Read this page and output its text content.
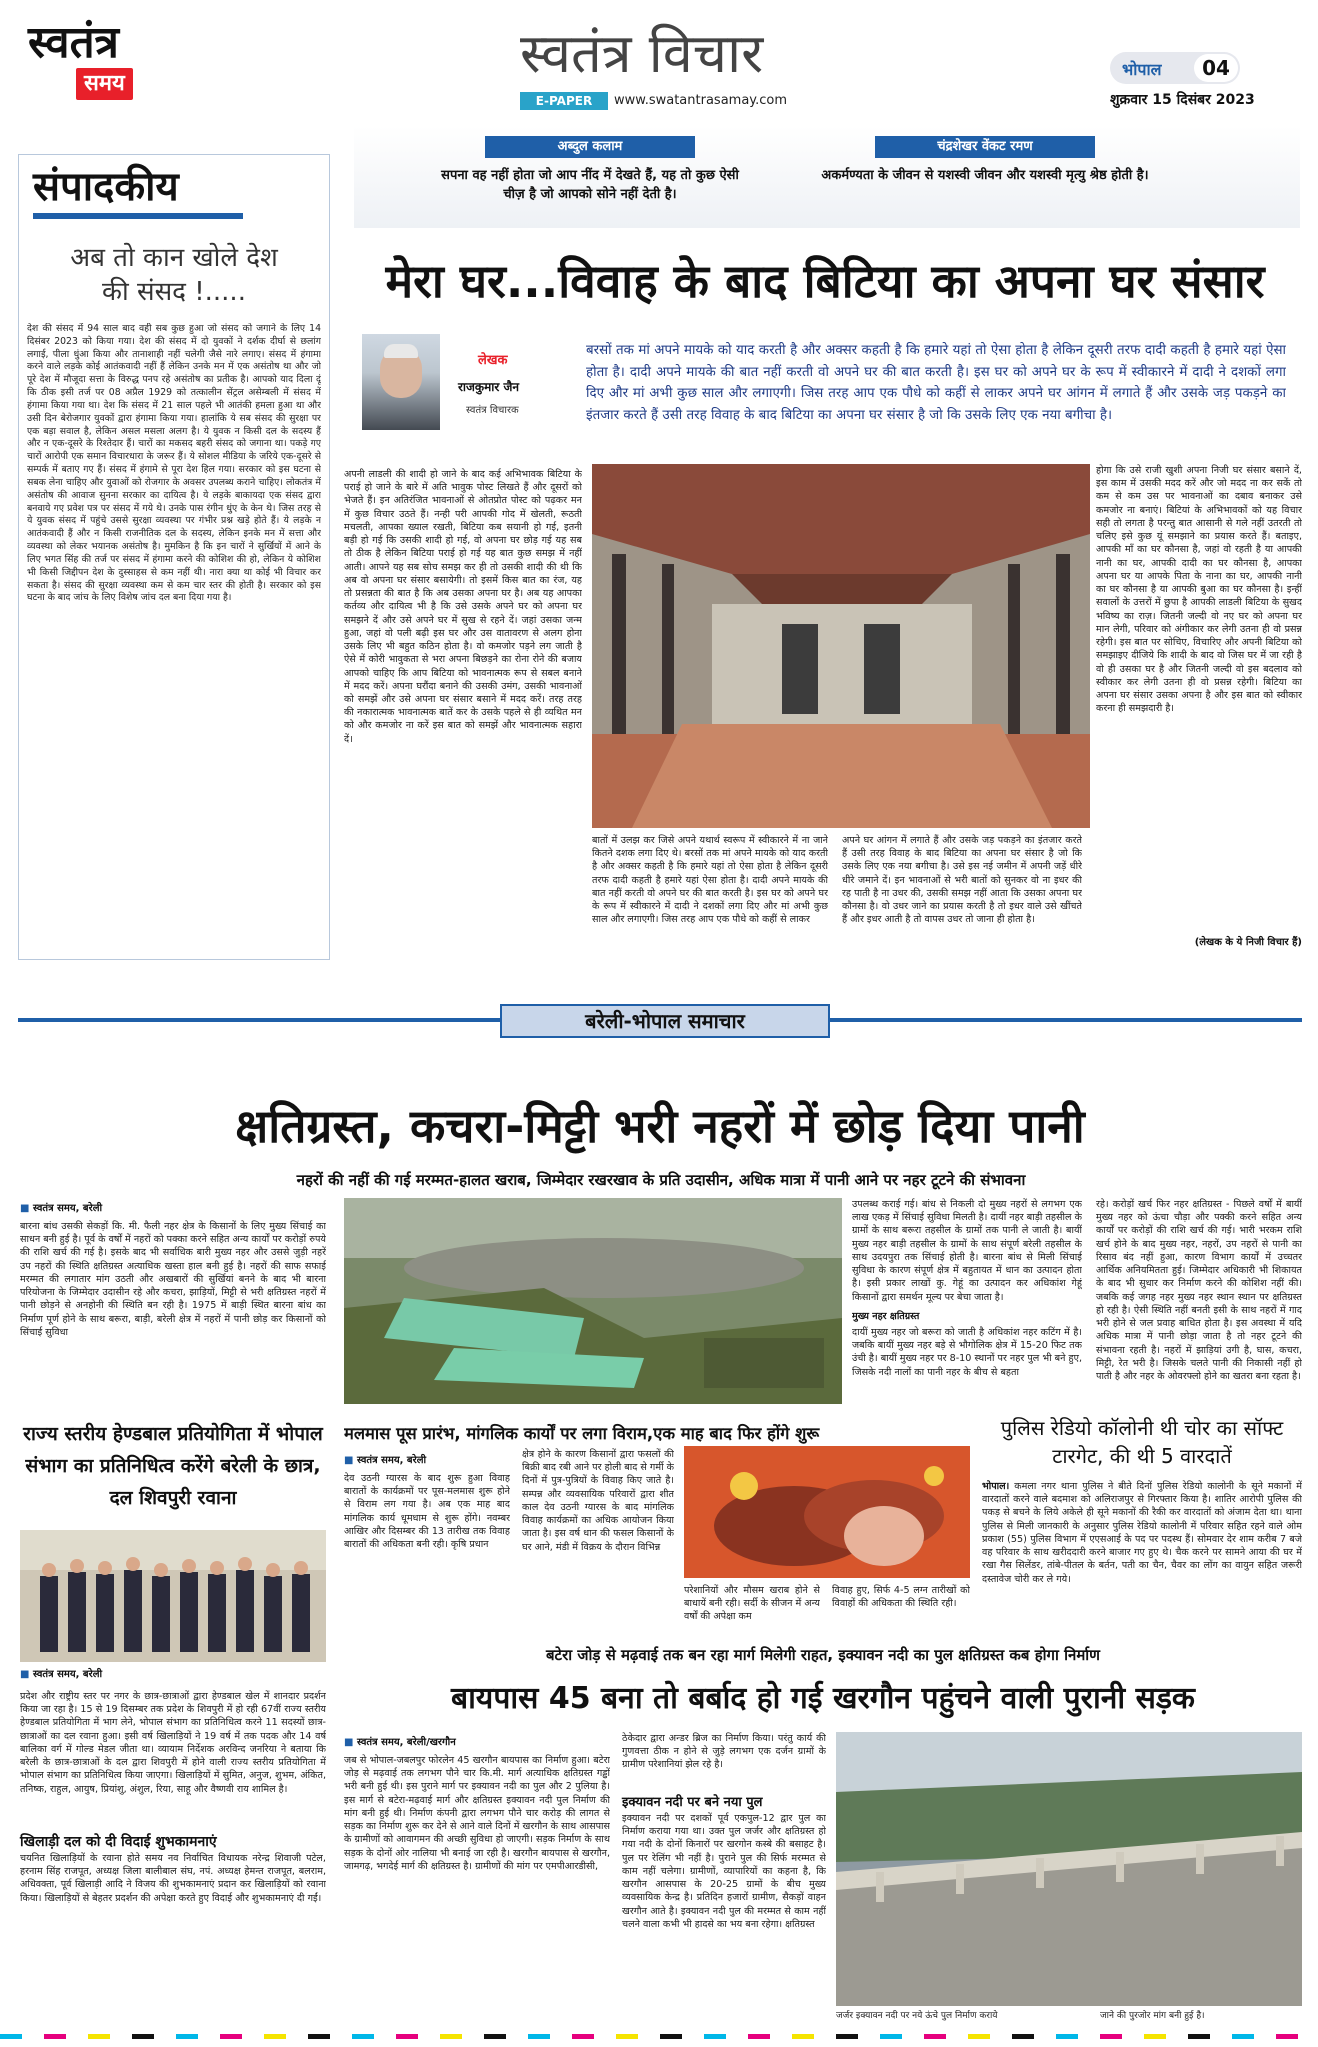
स्वतंत्र
समय	स्वतंत्र विचार
E-PAPER	www.swatantrasamay.com
भोपाल	04
शुक्रवार 15 दिसंबर 2023
संपादकीय
अब तो कान खोले देश की संसद !.....
देश की संसद में 94 साल बाद वही सब कुछ हुआ जो संसद को जगाने के लिए 14 दिसंबर 2023 को किया गया। देश की संसद में दो युवकों ने दर्शक दीर्घा से छलांग लगाई, पीला धुंआ किया और तानाशाही नहीं चलेगी जैसे नारे लगाए। संसद में हंगामा करने वाले लड़के कोई आतंकवादी नहीं हैं लेकिन उनके मन में एक असंतोष था और जो पूरे देश में मौजूदा सत्ता के विरुद्ध पनप रहे असंतोष का प्रतीक है। आपको याद दिला दूं कि ठीक इसी तर्ज पर 08 अप्रैल 1929 को तत्कालीन सेंट्रल असेम्बली में संसद में हंगामा किया गया था। देश कि संसद में 21 साल पहले भी आतंकी हमला हुआ था और उसी दिन बेरोजगार युवकों द्वारा हंगामा किया गया। हालांकि ये सब संसद की सुरक्षा पर एक बड़ा सवाल है, लेकिन असल मसला अलग है। ये युवक न किसी दल के सदस्य हैं और न एक-दूसरे के रिश्तेदार हैं। चारों का मकसद बहरी संसद को जगाना था। पकड़े गए चारों आरोपी एक समान विचारधारा के जरूर हैं। ये सोशल मीडिया के जरिये एक-दूसरे से सम्पर्क में बताए गए हैं। संसद में हंगामे से पूरा देश हिल गया। सरकार को इस घटना से सबक लेना चाहिए और युवाओं को रोजगार के अवसर उपलब्ध कराने चाहिए। लोकतंत्र में असंतोष की आवाज सुनना सरकार का दायित्व है। ये लड़के बाकायदा एक संसद द्वारा बनवाये गए प्रवेश पत्र पर संसद में गये थे। उनके पास रंगीन धुंए के केन थे। जिस तरह से ये युवक संसद में पहुंचे उससे सुरक्षा व्यवस्था पर गंभीर प्रश्न खड़े होते हैं। ये लड़के न आतंकवादी हैं और न किसी राजनीतिक दल के सदस्य, लेकिन इनके मन में सत्ता और व्यवस्था को लेकर भयानक असंतोष है। मुमकिन है कि इन चारों ने सुर्खियों में आने के लिए भगत सिंह की तर्ज पर संसद में हंगामा करने की कोशिश की हो, लेकिन ये कोशिश भी किसी जिद्दीपन देश के दुस्साहस से कम नहीं थी। नारा क्या था कोई भी विचार कर सकता है। संसद की सुरक्षा व्यवस्था कम से कम चार स्तर की होती है। सरकार को इस घटना के बाद जांच के लिए विशेष जांच दल बना दिया गया है।
अब्दुल कलाम
सपना वह नहीं होता जो आप नींद में देखते हैं, यह तो कुछ ऐसी चीज़ है जो आपको सोने नहीं देती है।
चंद्रशेखर वेंकट रमण
अकर्मण्यता के जीवन से यशस्वी जीवन और यशस्वी मृत्यु श्रेष्ठ होती है।
मेरा घर...विवाह के बाद बिटिया का अपना घर संसार
लेखक
राजकुमार जैन
स्वतंत्र विचारक
बरसों तक मां अपने मायके को याद करती है और अक्सर कहती है कि हमारे यहां तो ऐसा होता है लेकिन दूसरी तरफ दादी कहती है हमारे यहां ऐसा होता है। दादी अपने मायके की बात नहीं करती वो अपने घर की बात करती है। इस घर को अपने घर के रूप में स्वीकारने में दादी ने दशकों लगा दिए और मां अभी कुछ साल और लगाएगी। जिस तरह आप एक पौधे को कहीं से लाकर अपने घर आंगन में लगाते हैं और उसके जड़ पकड़ने का इंतजार करते हैं उसी तरह विवाह के बाद बिटिया का अपना घर संसार है जो कि उसके लिए एक नया बगीचा है।
अपनी लाडली की शादी हो जाने के बाद कई अभिभावक बिटिया के पराई हो जाने के बारे में अति भावुक पोस्ट लिखते हैं और दूसरों को भेजते हैं। इन अतिरंजित भावनाओं से ओतप्रोत पोस्ट को पढ़कर मन में कुछ विचार उठते हैं। नन्ही परी आपकी गोद में खेलती, रूठती मचलती, आपका ख्याल रखती, बिटिया कब सयानी हो गई, इतनी बड़ी हो गई कि उसकी शादी हो गई, वो अपना घर छोड़ गई यह सब तो ठीक है लेकिन बिटिया पराई हो गई यह बात कुछ समझ में नहीं आती। आपने यह सब सोच समझ कर ही तो उसकी शादी की थी कि अब वो अपना घर संसार बसायेगी। तो इसमें किस बात का रंज, यह तो प्रसन्नता की बात है कि अब उसका अपना घर है। अब यह आपका कर्तव्य और दायित्व भी है कि उसे उसके अपने घर को अपना घर समझने दें और उसे अपने घर में सुख से रहने दें। जहां उसका जन्म हुआ, जहां वो पली बढ़ी इस घर और उस वातावरण से अलग होना उसके लिए भी बहुत कठिन होता है। वो कमजोर पड़ने लग जाती है ऐसे में कोरी भावुकता से भरा अपना बिछड़ने का रोना रोने की बजाय आपको चाहिए कि आप बिटिया को भावनात्मक रूप से सबल बनाने में मदद करें। अपना घरौंदा बनाने की उसकी उमंग, उसकी भावनाओं को समझें और उसे अपना घर संसार बसाने में मदद करें। तरह तरह की नकारात्मक भावनात्मक बातें कर के उसके पहले से ही व्यथित मन को और कमजोर ना करें इस बात को समझें और भावनात्मक सहारा दें।
बातों में उलझ कर जिसे अपने यथार्थ स्वरूप में स्वीकारने में ना जाने कितने दशक लगा दिए थे। बरसों तक मां अपने मायके को याद करती है और अक्सर कहती है कि हमारे यहां तो ऐसा होता है लेकिन दूसरी तरफ दादी कहती है हमारे यहां ऐसा होता है। दादी अपने मायके की बात नहीं करती वो अपने घर की बात करती है। इस घर को अपने घर के रूप में स्वीकारने में दादी ने दशकों लगा दिए और मां अभी कुछ साल और लगाएगी। जिस तरह आप एक पौधे को कहीं से लाकर
अपने घर आंगन में लगाते हैं और उसके जड़ पकड़ने का इंतजार करते हैं उसी तरह विवाह के बाद बिटिया का अपना घर संसार है जो कि उसके लिए एक नया बगीचा है। उसे इस नई जमीन में अपनी जड़ें धीरे धीरे जमाने दें। इन भावनाओं से भरी बातों को सुनकर वो ना इधर की रह पाती है ना उधर की, उसकी समझ नहीं आता कि उसका अपना घर कौनसा है। वो उधर जाने का प्रयास करती है तो इधर वाले उसे खींचते हैं और इधर आती है तो वापस उधर तो जाना ही होता है।
होगा कि उसे राजी खुशी अपना निजी घर संसार बसाने दें, इस काम में उसकी मदद करें और जो मदद ना कर सकें तो कम से कम उस पर भावनाओं का दबाव बनाकर उसे कमजोर ना बनाएं। बिटियां के अभिभावकों को यह विचार सही तो लगता है परन्तु बात आसानी से गले नहीं उतरती तो चलिए इसे कुछ यूं समझाने का प्रयास करते हैं। बताइए, आपकी माँ का घर कौनसा है, जहां वो रहती है या आपकी नानी का घर, आपकी दादी का घर कौनसा है, आपका अपना घर या आपके पिता के नाना का घर, आपकी नानी का घर कौनसा है या आपकी बुआ का घर कौनसा है। इन्हीं सवालों के उत्तरों में छुपा है आपकी लाडली बिटिया के सुखद भविष्य का राज़। जितनी जल्दी वो नए घर को अपना घर मान लेगी, परिवार को अंगीकार कर लेगी उतना ही वो प्रसन्न रहेगी। इस बात पर सोचिए, विचारिए और अपनी बिटिया को समझाइए दीजिये कि शादी के बाद वो जिस घर में जा रही है वो ही उसका घर है और जितनी जल्दी वो इस बदलाव को स्वीकार कर लेगी उतना ही वो प्रसन्न रहेगी। बिटिया का अपना घर संसार उसका अपना है और इस बात को स्वीकार करना ही समझदारी है।
(लेखक के ये निजी विचार हैं)
बरेली-भोपाल समाचार
क्षतिग्रस्त, कचरा-मिट्टी भरी नहरों में छोड़ दिया पानी
नहरों की नहीं की गई मरम्मत-हालत खराब, जिम्मेदार रखरखाव के प्रति उदासीन, अधिक मात्रा में पानी आने पर नहर टूटने की संभावना
■ स्वतंत्र समय, बरेली
बारना बांध उसकी सेकड़ों कि. मी. फैली नहर क्षेत्र के किसानों के लिए मुख्य सिंचाई का साधन बनी हुई है। पूर्व के वर्षों में नहरों को पक्का करने सहित अन्य कार्यों पर करोड़ों रुपये की राशि खर्च की गई है। इसके बाद भी सर्वाधिक बारी मुख्य नहर और उससे जुड़ी नहरें उप नहरों की स्थिति क्षतिग्रस्त अत्याधिक खस्ता हाल बनी हुई है। नहरों की साफ सफाई मरम्मत की लगातार मांग उठती और अखबारों की सुर्खियां बनने के बाद भी बारना परियोजना के जिम्मेदार उदासीन रहे और कचरा, झाड़ियों, मिट्टी से भरी क्षतिग्रस्त नहरों में पानी छोड़ने से अनहोनी की स्थिति बन रही है। 1975 में बाड़ी स्थित बारना बांध का निर्माण पूर्ण होने के साथ बरूरा, बाड़ी, बरेली क्षेत्र में नहरों में पानी छोड़ कर किसानों को सिंचाई सुविधा
उपलब्ध कराई गई। बांध से निकली दो मुख्य नहरों से लगभग एक लाख एकड़ में सिंचाई सुविधा मिलती है। दायीं नहर बाड़ी तहसील के ग्रामों के साथ बरूरा तहसील के ग्रामों तक पानी ले जाती है। बायीं मुख्य नहर बाड़ी तहसील के ग्रामों के साथ संपूर्ण बरेली तहसील के साथ उदयपुरा तक सिंचाई होती है। बारना बांध से मिली सिंचाई सुविधा के कारण संपूर्ण क्षेत्र में बहुतायत में धान का उत्पादन होता है। इसी प्रकार लाखों कु. गेहूं का उत्पादन कर अधिकांश गेहूं किसानों द्वारा समर्थन मूल्य पर बेचा जाता है।
मुख्य नहर क्षतिग्रस्त
दायीं मुख्य नहर जो बरूरा को जाती है अधिकांश नहर कटिंग में है। जबकि बायीं मुख्य नहर बड़े से भौगोलिक क्षेत्र में 15-20 फिट तक उंची है। बायीं मुख्य नहर पर 8-10 स्थानों पर नहर पुल भी बने हुए, जिसके नदी नालों का पानी नहर के बीच से बहता
रहे। करोड़ों खर्च फिर नहर क्षतिग्रस्त - पिछले वर्षों में बायीं मुख्य नहर को ऊंचा चौड़ा और पक्की करने सहित अन्य कार्यों पर करोड़ों की राशि खर्च की गई। भारी भरकम राशि खर्च होने के बाद मुख्य नहर, नहरों, उप नहरों से पानी का रिसाव बंद नहीं हुआ, कारण विभाग कार्यों में उच्चतर आर्थिक अनियमितता हुई। जिम्मेदार अधिकारी भी शिकायत के बाद भी सुधार कर निर्माण करने की कोशिश नहीं की। जबकि कई जगह नहर मुख्य नहर स्थान स्थान पर क्षतिग्रस्त हो रही है। ऐसी स्थिति नहीं बनती इसी के साथ नहरों में गाद भरी होने से जल प्रवाह बाधित होता है। इस अवस्था में यदि अधिक मात्रा में पानी छोड़ा जाता है तो नहर टूटने की संभावना रहती है। नहरों में झाड़ियां उगी है, घास, कचरा, मिट्टी, रेत भरी है। जिसके चलते पानी की निकासी नहीं हो पाती है और नहर के ओवरफ्लो होने का खतरा बना रहता है।
राज्य स्तरीय हेण्डबाल प्रतियोगिता में भोपाल संभाग का प्रतिनिधित्व करेंगे बरेली के छात्र, दल शिवपुरी रवाना
■ स्वतंत्र समय, बरेली
प्रदेश और राष्ट्रीय स्तर पर नगर के छात्र-छात्राओं द्वारा हेण्डबाल खेल में शानदार प्रदर्शन किया जा रहा है। 15 से 19 दिसम्बर तक प्रदेश के शिवपुरी में हो रही 67वीं राज्य स्तरीय हेण्डबाल प्रतियोगिता में भाग लेने, भोपाल संभाग का प्रतिनिधित्व करने 11 सदस्यों छात्र-छात्राओं का दल रवाना हुआ। इसी वर्ष खिलाड़ियों ने 19 वर्ष में तक पदक और 14 वर्ष बालिका वर्ग में गोल्ड मेडल जीता था। व्यायाम निर्देशक अरविन्द जनरिया ने बताया कि बरेली के छात्र-छात्राओं के दल द्वारा शिवपुरी में होने वाली राज्य स्तरीय प्रतियोगिता में भोपाल संभाग का प्रतिनिधित्व किया जाएगा। खिलाड़ियों में सुमित, अनुज, शुभम, अंकित, तनिष्क, राहुल, आयुष, प्रियांशु, अंशुल, रिया, साहू और वैष्णवी राय शामिल है।
खिलाड़ी दल को दी विदाई शुभकामनाएं
चयनित खिलाड़ियों के रवाना होते समय नव निर्वाचित विधायक नरेन्द्र शिवाजी पटेल, हरनाम सिंह राजपूत, अध्यक्ष जिला बालीबाल संघ, नपं. अध्यक्ष हेमन्त राजपूत, बलराम, अधिवक्ता, पूर्व खिलाड़ी आदि ने विजय की शुभकामनाएं प्रदान कर खिलाड़ियों को रवाना किया। खिलाड़ियों से बेहतर प्रदर्शन की अपेक्षा करते हुए विदाई और शुभकामनाएं दी गईं।
मलमास पूस प्रारंभ, मांगलिक कार्यों पर लगा विराम,एक माह बाद फिर होंगे शुरू
■ स्वतंत्र समय, बरेली
देव उठनी ग्यारस के बाद शुरू हुआ विवाह बारातों के कार्यक्रमों पर पूस-मलमास शुरू होने से विराम लग गया है। अब एक माह बाद मांगलिक कार्य धूमधाम से शुरू होंगे। नवम्बर आखिर और दिसम्बर की 13 तारीख तक विवाह बारातों की अधिकता बनी रही। कृषि प्रधान
क्षेत्र होने के कारण किसानों द्वारा फसलों की बिक्री बाद रबी आने पर होली बाद से गर्मी के दिनों में पुत्र-पुत्रियों के विवाह किए जाते है। सम्पन्न और व्यवसायिक परिवारों द्वारा शीत काल देव उठनी ग्यारस के बाद मांगलिक विवाह कार्यक्रमों का अधिक आयोजन किया जाता है। इस वर्ष धान की फसल किसानों के घर आने, मंडी में विक्रय के दौरान विभिन्न
परेशानियों और मौसम खराब होने से बाधायें बनी रही। सर्दी के सीजन में अन्य वर्षों की अपेक्षा कम
विवाह हुए, सिर्फ 4-5 लग्न तारीखों को विवाहों की अधिकता की स्थिति रही।
पुलिस रेडियो कॉलोनी थी चोर का सॉफ्ट टारगेट, की थी 5 वारदातें
भोपाल। कमला नगर थाना पुलिस ने बीते दिनों पुलिस रेडियो कालोनी के सूने मकानों में वारदातों करने वाले बदमाश को अलिराजपुर से गिरफ्तार किया है। शातिर आरोपी पुलिस की पकड़ से बचने के लिये अकेले ही सूने मकानों की रैकी कर वारदातों को अंजाम देता था। थाना पुलिस से मिली जानकारी के अनुसार पुलिस रेडियो कालोनी में परिवार सहित रहने वाले ओम प्रकाश (55) पुलिस विभाग में एएसआई के पद पर पदस्थ हैं। सोमवार देर शाम करीब 7 बजे वह परिवार के साथ खरीददारी करने बाजार गए हुए थे। चैक करने पर सामने आया की घर में रखा गैस सिलेंडर, तांबे-पीतल के बर्तन, पती का चैन, चैवर का लोंग का वायुन सहित जरूरी दस्तावेज चोरी कर ले गये।
बटेरा जोड़ से मढ़वाई तक बन रहा मार्ग मिलेगी राहत, इक्यावन नदी का पुल क्षतिग्रस्त कब होगा निर्माण
बायपास 45 बना तो बर्बाद हो गई खरगौन पहुंचने वाली पुरानी सड़क
■ स्वतंत्र समय, बरेली/खरगौन
जब से भोपाल-जबलपुर फोरलेन 45 खरगौन बायपास का निर्माण हुआ। बटेरा जोड़ से मढ़वाई तक लगभग पौने चार कि.मी. मार्ग अत्याधिक क्षतिग्रस्त गड्ढों भरी बनी हुई थी। इस पुराने मार्ग पर इक्यावन नदी का पुल और 2 पुलिया है। इस मार्ग से बटेरा-मढ़वाई मार्ग और क्षतिग्रस्त इक्यावन नदी पुल निर्माण की मांग बनी हुई थी। निर्माण कंपनी द्वारा लगभग पौने चार करोड़ की लागत से सड़क का निर्माण शुरू कर देने से आने वाले दिनों में खरगौन के साथ आसपास के ग्रामीणों को आवागमन की अच्छी सुविधा हो जाएगी। सड़क निर्माण के साथ सड़क के दोनों ओर नालिया भी बनाई जा रही है। खरगौन बायपास से खरगौन, जामगढ़, भगदेई मार्ग की क्षतिग्रस्त है। ग्रामीणों की मांग पर एमपीआरडीसी,
ठेकेदार द्वारा अन्डर ब्रिज का निर्माण किया। परंतु कार्य की गुणवत्ता ठीक न होने से जुड़े लगभग एक दर्जन ग्रामों के ग्रामीण परेशानियां झेल रहे है।
इक्यावन नदी पर बने नया पुल
इक्यावन नदी पर दशकों पूर्व एकपुल-12 द्वार पुल का निर्माण कराया गया था। उक्त पुल जर्जर और क्षतिग्रस्त हो गया नदी के दोनों किनारों पर खरगोन कस्बे की बसाहट है। पुल पर रेलिंग भी नहीं है। पुराने पुल की सिर्फ मरम्मत से काम नहीं चलेगा। ग्रामीणों, व्यापारियों का कहना है, कि खरगौन आसपास के 20-25 ग्रामों के बीच मुख्य व्यवसायिक केन्द्र है। प्रतिदिन हजारों ग्रामीण, सैकड़ों वाहन खरगौन आते है। इक्यावन नदी पुल की मरम्मत से काम नहीं चलने वाला कभी भी हादसे का भय बना रहेगा। क्षतिग्रस्त
जर्जर इक्यावन नदी पर नये ऊंचे पुल निर्माण कराये	जाने की पुरजोर मांग बनी हुई है।
